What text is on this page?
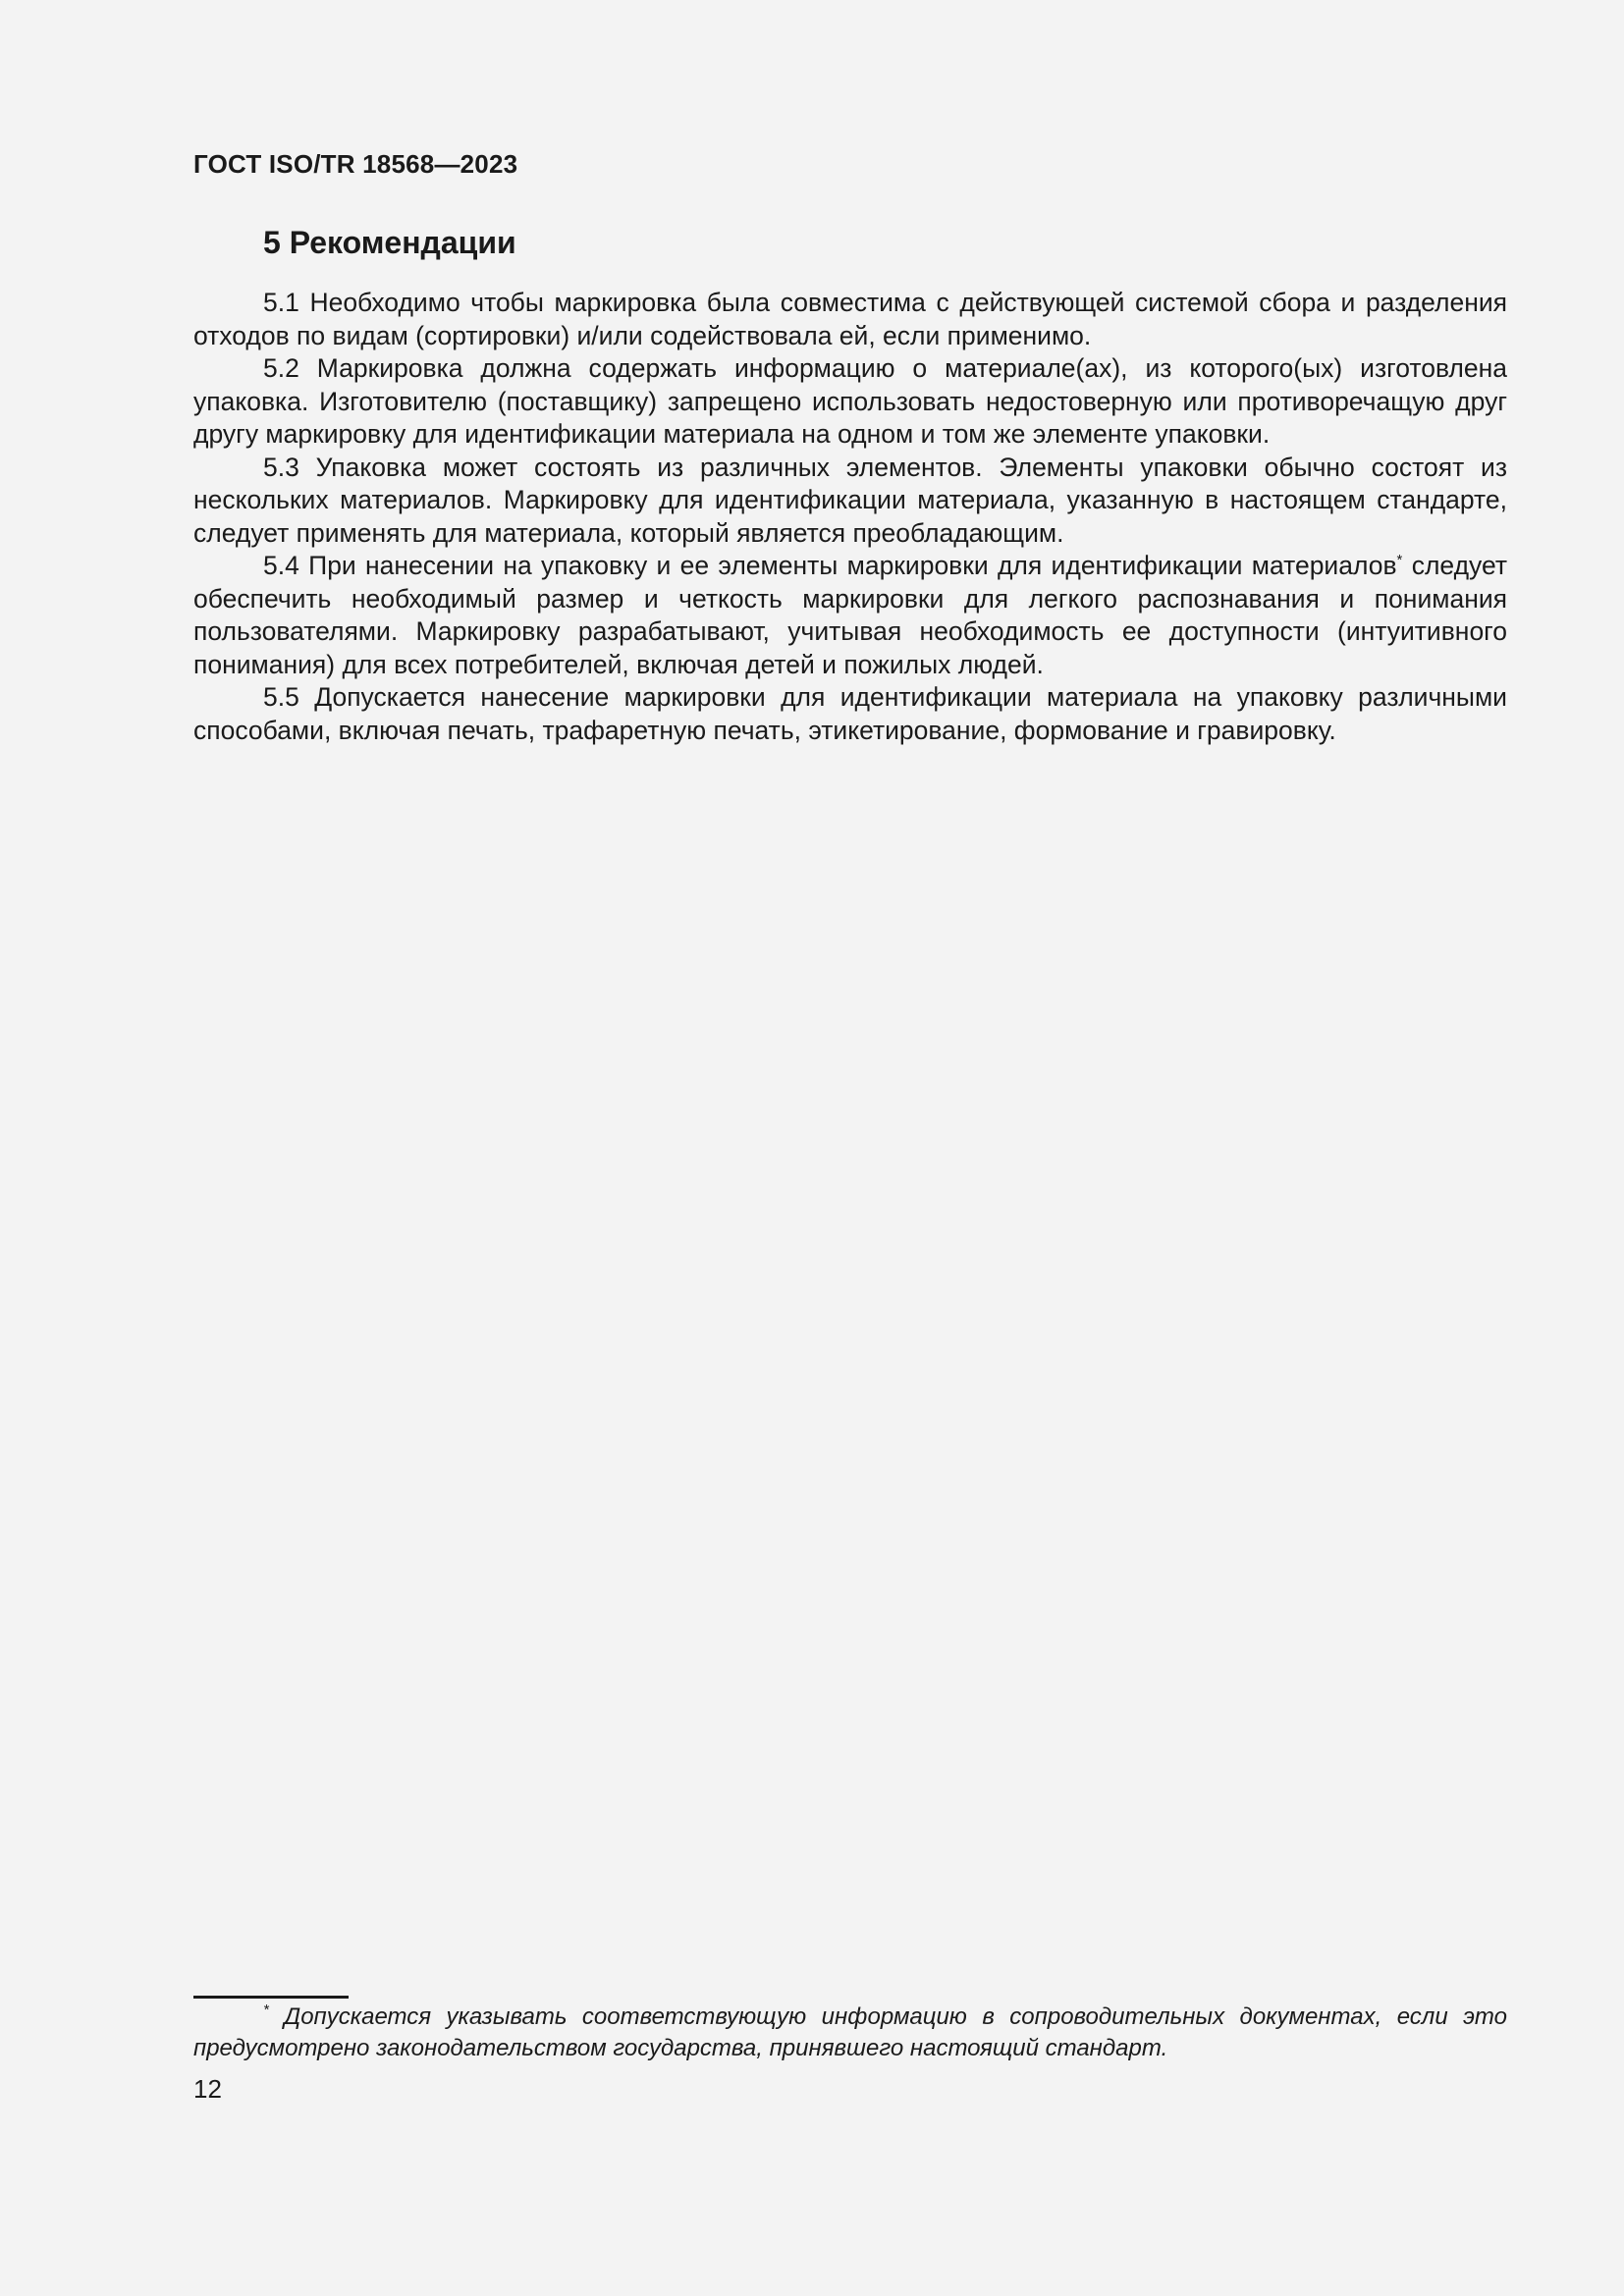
ГОСТ ISO/TR 18568—2023
5 Рекомендации

5.1 Необходимо чтобы маркировка была совместима с действующей системой сбора и разделения отходов по видам (сортировки) и/или содействовала ей, если применимо.

5.2 Маркировка должна содержать информацию о материале(ах), из которого(ых) изготовлена упаковка. Изготовителю (поставщику) запрещено использовать недостоверную или противоречащую друг другу маркировку для идентификации материала на одном и том же элементе упаковки.

5.3 Упаковка может состоять из различных элементов. Элементы упаковки обычно состоят из нескольких материалов. Маркировку для идентификации материала, указанную в настоящем стандарте, следует применять для материала, который является преобладающим.

5.4 При нанесении на упаковку и ее элементы маркировки для идентификации материалов* следует обеспечить необходимый размер и четкость маркировки для легкого распознавания и понимания пользователями. Маркировку разрабатывают, учитывая необходимость ее доступности (интуитивного понимания) для всех потребителей, включая детей и пожилых людей.

5.5 Допускается нанесение маркировки для идентификации материала на упаковку различными способами, включая печать, трафаретную печать, этикетирование, формование и гравировку.

* Допускается указывать соответствующую информацию в сопроводительных документах, если это предусмотрено законодательством государства, принявшего настоящий стандарт.

12
